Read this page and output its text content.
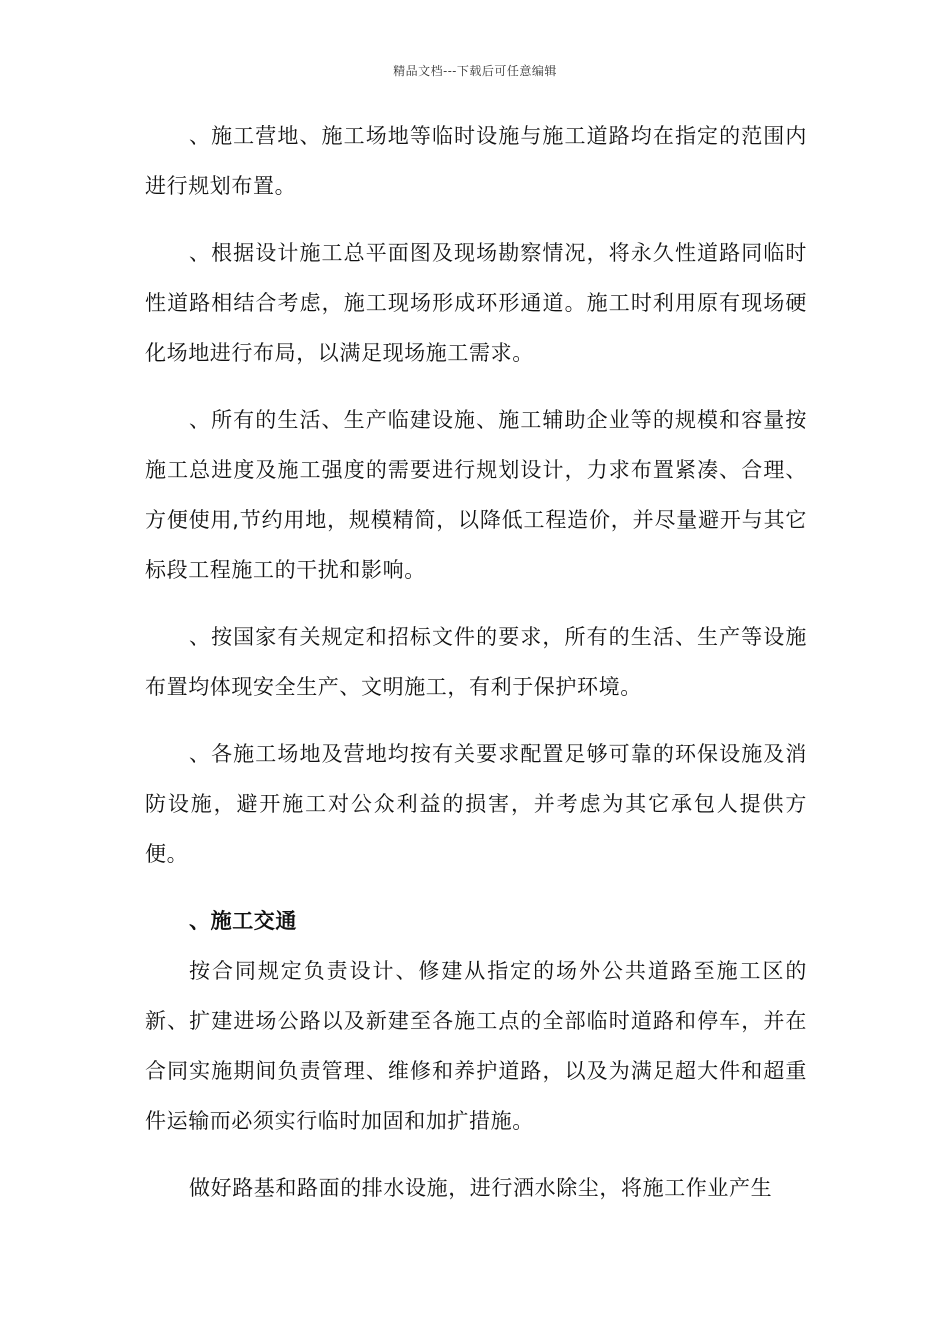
精品文档---下载后可任意编辑

、施工营地、施工场地等临时设施与施工道路均在指定的范围内进行规划布置。

、根据设计施工总平面图及现场勘察情况，将永久性道路同临时性道路相结合考虑，施工现场形成环形通道。施工时利用原有现场硬化场地进行布局，以满足现场施工需求。

、所有的生活、生产临建设施、施工辅助企业等的规模和容量按施工总进度及施工强度的需要进行规划设计，力求布置紧凑、合理、方便使用,节约用地，规模精简，以降低工程造价，并尽量避开与其它标段工程施工的干扰和影响。

、按国家有关规定和招标文件的要求，所有的生活、生产等设施布置均体现安全生产、文明施工，有利于保护环境。

、各施工场地及营地均按有关要求配置足够可靠的环保设施及消防设施，避开施工对公众利益的损害，并考虑为其它承包人提供方便。

、施工交通

按合同规定负责设计、修建从指定的场外公共道路至施工区的新、扩建进场公路以及新建至各施工点的全部临时道路和停车，并在合同实施期间负责管理、维修和养护道路，以及为满足超大件和超重件运输而必须实行临时加固和加扩措施。

做好路基和路面的排水设施，进行洒水除尘，将施工作业产生
